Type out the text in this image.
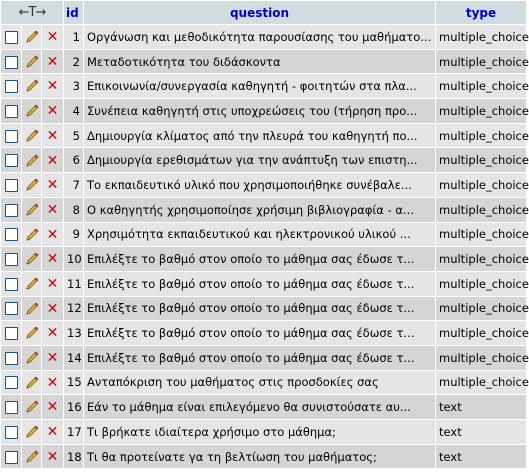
←T→			id	question	type
		✕	1	Οργάνωση και μεθοδικότητα παρουσίασης του μαθήματο...	multiple_choice
		✕	2	Μεταδοτικότητα του διδάσκοντα	multiple_choice
		✕	3	Επικοινωνία/συνεργασία καθηγητή - φοιτητών στα πλα...	multiple_choice
		✕	4	Συνέπεια καθηγητή στις υποχρεώσεις του (τήρηση προ...	multiple_choice
		✕	5	Δημιουργία κλίματος από την πλευρά του καθηγητή πο...	multiple_choice
		✕	6	Δημιουργία ερεθισμάτων για την ανάπτυξη των επιστη...	multiple_choice
		✕	7	Το εκπαιδευτικό υλικό που χρησιμοποιήθηκε συνέβαλε...	multiple_choice
		✕	8	Ο καθηγητής χρησιμοποίησε χρήσιμη βιβλιογραφία - α...	multiple_choice
		✕	9	Χρησιμότητα εκπαιδευτικού και ηλεκτρονικού υλικού ...	multiple_choice
		✕	10	Επιλέξτε το βαθμό στον οποίο το μάθημα σας έδωσε τ...	multiple_choice
		✕	11	Επιλέξτε το βαθμό στον οποίο το μάθημα σας έδωσε τ...	multiple_choice
		✕	12	Επιλέξτε το βαθμό στον οποίο το μάθημα σας έδωσε τ...	multiple_choice
		✕	13	Επιλέξτε το βαθμό στον οποίο το μάθημα σας έδωσε τ...	multiple_choice
		✕	14	Επιλέξτε το βαθμό στον οποίο το μάθημα σας έδωσε τ...	multiple_choice
		✕	15	Ανταπόκριση του μαθήματος στις προσδοκίες σας	multiple_choice
		✕	16	Εάν το μάθημα είναι επιλεγόμενο θα συνιστούσατε αυ...	text
		✕	17	Τι βρήκατε ιδιαίτερα χρήσιμο στο μάθημα;	text
		✕	18	Τι θα προτείνατε γα τη βελτίωση του μαθήματος;	text
